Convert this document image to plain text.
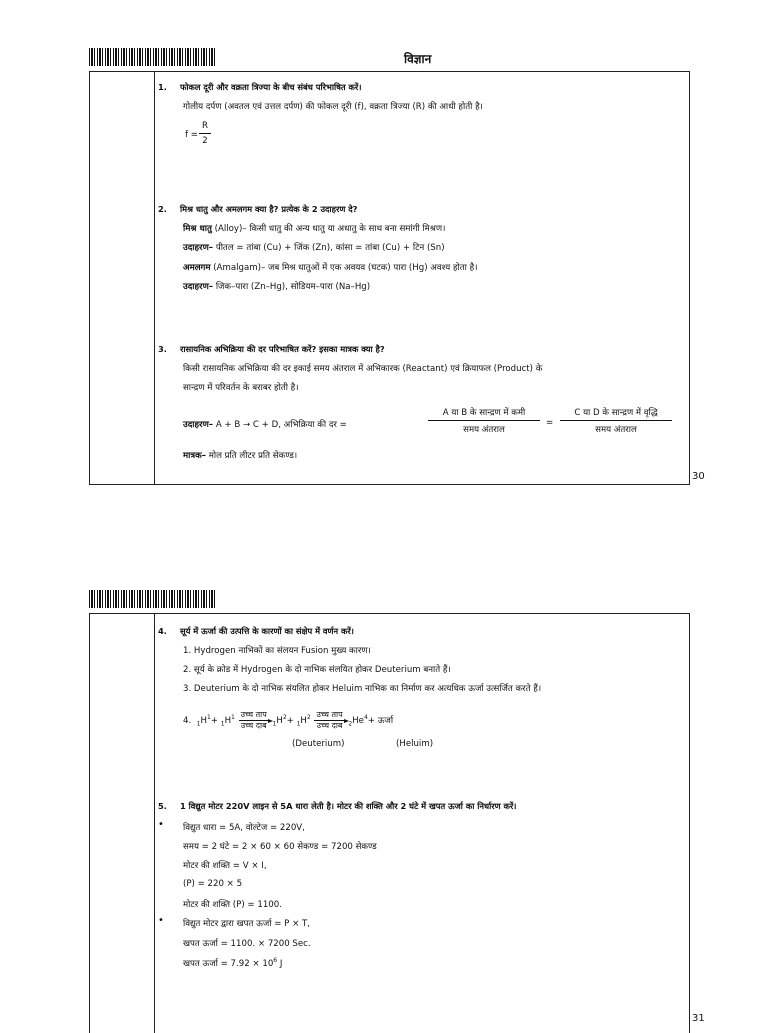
विज्ञान
30
1. फोकल दूरी और वक्रता त्रिज्या के बीच संबंध परिभाषित करें।
गोलीय दर्पण (अवतल एवं उत्तल दर्पण) की फोकल दूरी (f), वक्रता त्रिज्या (R) की आधी होती है।
$f = \frac{R}{2}$
2. मिश्र धातु और अमलगम क्या है? प्रत्येक के 2 उदाहरण दे?
मिश्र धातु (Alloy)– किसी धातु की अन्य धातु या अधातु के साथ बना समांगी मिश्रण।
उदाहरण– पीतल = तांबा (Cu) + जिंक (Zn), कांसा = तांबा (Cu) + टिन (Sn)
अमलगम (Amalgam)– जब मिश्र धातुओं में एक अवयव (घटक) पारा (Hg) अवश्य होता है।
उदाहरण– जिक–पारा (Zn–Hg), सोडियम–पारा (Na–Hg)
3. रासायनिक अभिक्रिया की दर परिभाषित करें? इसका मात्रक क्या है?
किसी रासायनिक अभिक्रिया की दर इकाई समय अंतराल में अभिकारक (Reactant) एवं क्रियाफल (Product) के
सान्द्रण में परिवर्तन के बराबर होती है।
उदाहरण– A + B → C + D, अभिक्रिया की दर =
A या B के सान्द्रण में कमी
समय अंतराल
=
C या D के सान्द्रण में वृद्धि
समय अंतराल
मात्रक– मोल प्रति लीटर प्रति सेकण्ड।
31
4. सूर्य में ऊर्जा की उत्पत्ति के कारणों का संक्षेप में वर्णन करें।
1. Hydrogen नाभिकों का संलयन Fusion मुख्य कारण।
2. सूर्य के क्रोड में Hydrogen के दो नाभिक संलयित होकर Deuterium बनाते हैं।
3. Deuterium के दो नाभिक संयलित होकर Heluim नाभिक का निर्माण कर अत्यधिक ऊर्जा उत्सर्जित करते हैं।
4. $_1H^1+ _1H^1$ उच्च ताप
उच्च दाब $_1H^2+ _1H^2$ उच्च ताप
उच्च दाब $_2He^4+$ ऊर्जा
(Deuterium)	(Heluim)
5. 1 विद्युत मोटर 220V लाइन से 5A धारा लेती है। मोटर की शक्ति और 2 घंटे में खपत ऊर्जा का निर्धारण करें।
• विद्युत धारा = 5A, वोल्टेज = 220V,
समय = 2 घंटे = 2 × 60 × 60 सेकण्ड = 7200 सेकण्ड
मोटर की शक्ति = V × I,
(P) = 220 × 5
मोटर की शक्ति (P) = 1100.
• विद्युत मोटर द्वारा खपत ऊर्जा = P × T,
खपत ऊर्जा = 1100. × 7200 Sec.
खपत ऊर्जा = $7.92 \times 10^6$ J
